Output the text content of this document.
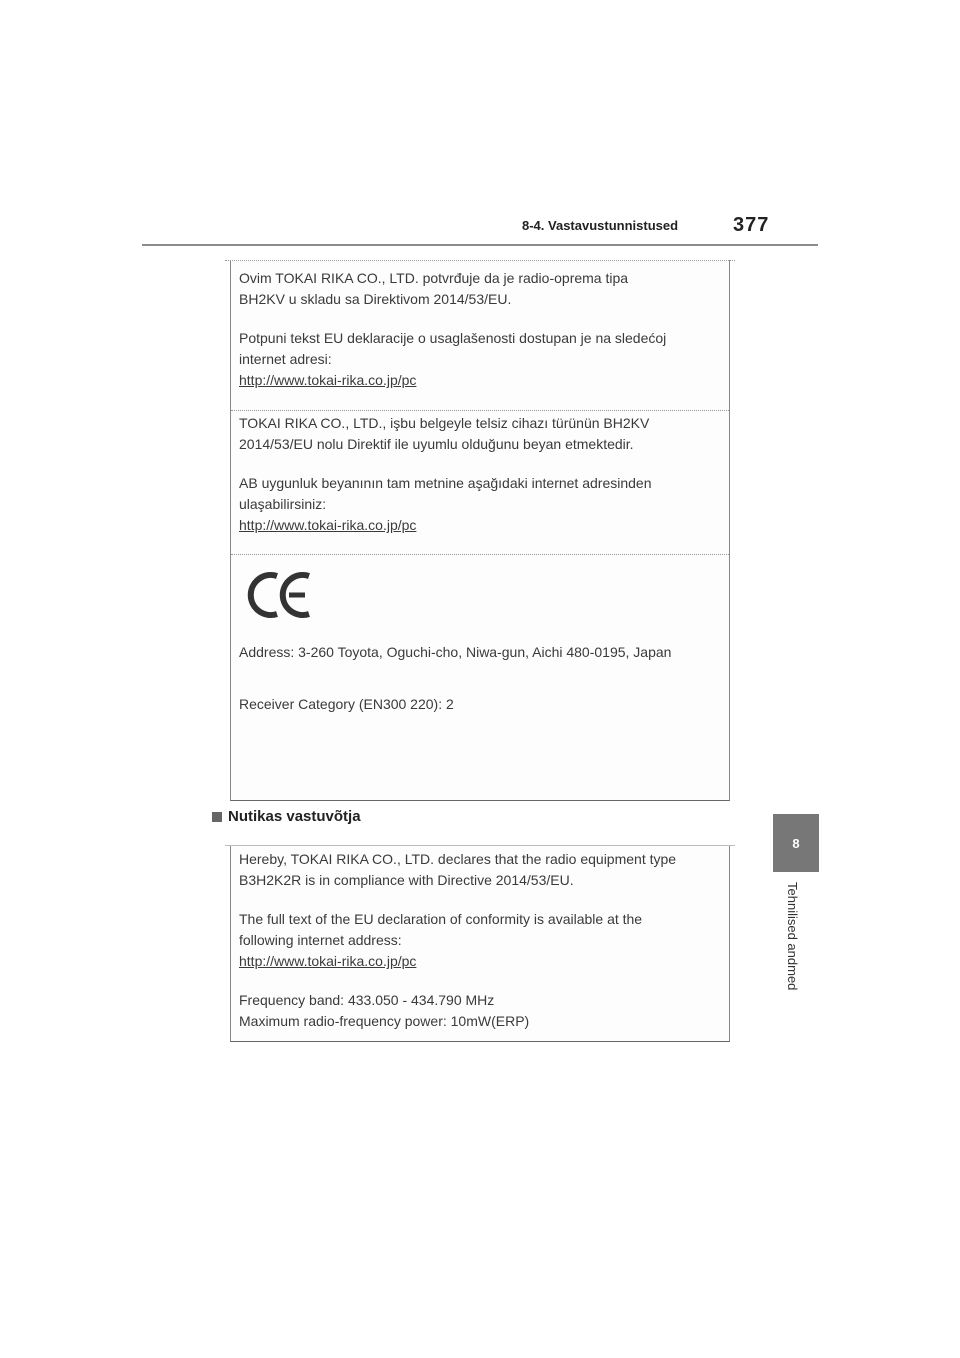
8-4. Vastavustunnistused	377
8
Tehnilised andmed

Ovim TOKAI RIKA CO., LTD. potvrđuje da je radio-oprema tipa

BH2KV u skladu sa Direktivom 2014/53/EU.

Potpuni tekst EU deklaracije o usaglašenosti dostupan je na sledećoj

internet adresi:

http://www.tokai-rika.co.jp/pc

TOKAI RIKA CO., LTD., işbu belgeyle telsiz cihazı türünün BH2KV

2014/53/EU nolu Direktif ile uyumlu olduğunu beyan etmektedir.

AB uygunluk beyanının tam metnine aşağıdaki internet adresinden

ulaşabilirsiniz:

http://www.tokai-rika.co.jp/pc

Address: 3-260 Toyota, Oguchi-cho, Niwa-gun, Aichi 480-0195, Japan
Receiver Category (EN300 220): 2
Nutikas vastuvõtja

Hereby, TOKAI RIKA CO., LTD. declares that the radio equipment type

B3H2K2R is in compliance with Directive 2014/53/EU.

The full text of the EU declaration of conformity is available at the

following internet address:

http://www.tokai-rika.co.jp/pc

Frequency band: 433.050 - 434.790 MHz

Maximum radio-frequency power: 10mW(ERP)
